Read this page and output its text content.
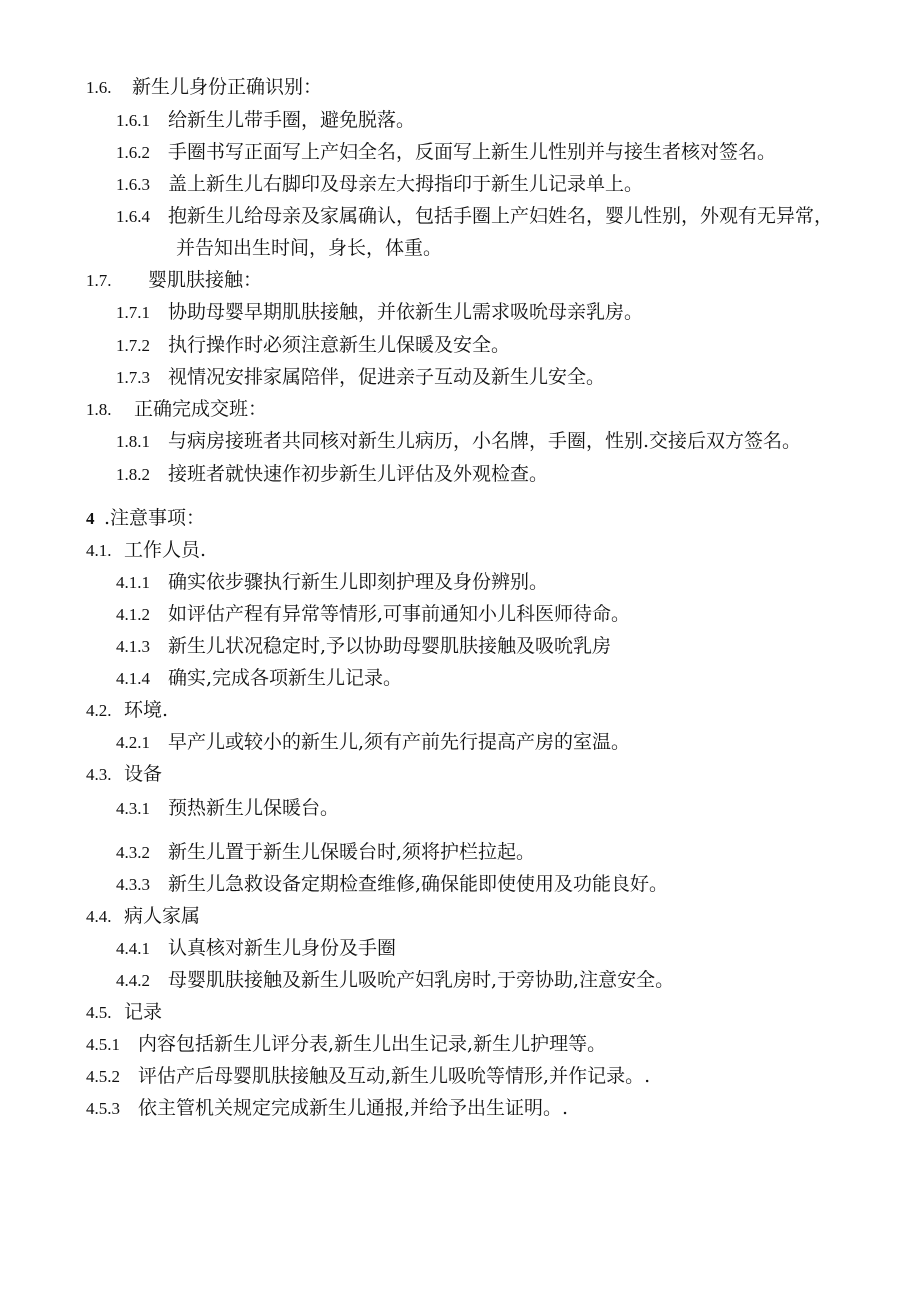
1.6. 新生儿身份正确识别：
1.6.1 给新生儿带手圈，避免脱落。
1.6.2 手圈书写正面写上产妇全名，反面写上新生儿性别并与接生者核对签名。
1.6.3 盖上新生儿右脚印及母亲左大拇指印于新生儿记录单上。
1.6.4 抱新生儿给母亲及家属确认，包括手圈上产妇姓名，婴儿性别，外观有无异常，
并告知出生时间，身长，体重。
1.7. 婴肌肤接触：
1.7.1 协助母婴早期肌肤接触，并依新生儿需求吸吮母亲乳房。
1.7.2 执行操作时必须注意新生儿保暖及安全。
1.7.3 视情况安排家属陪伴，促进亲子互动及新生儿安全。
1.8. 正确完成交班：
1.8.1 与病房接班者共同核对新生儿病历，小名牌，手圈，性别.交接后双方签名。
1.8.2 接班者就快速作初步新生儿评估及外观检查。
4 .注意事项：
4.1. 工作人员.
4.1.1 确实依步骤执行新生儿即刻护理及身份辨别。
4.1.2 如评估产程有异常等情形,可事前通知小儿科医师待命。
4.1.3 新生儿状况稳定时,予以协助母婴肌肤接触及吸吮乳房
4.1.4 确实,完成各项新生儿记录。
4.2. 环境.
4.2.1 早产儿或较小的新生儿,须有产前先行提高产房的室温。
4.3. 设备
4.3.1 预热新生儿保暖台。
4.3.2 新生儿置于新生儿保暖台时,须将护栏拉起。
4.3.3 新生儿急救设备定期检查维修,确保能即使使用及功能良好。
4.4. 病人家属
4.4.1 认真核对新生儿身份及手圈
4.4.2 母婴肌肤接触及新生儿吸吮产妇乳房时,于旁协助,注意安全。
4.5. 记录
4.5.1 内容包括新生儿评分表,新生儿出生记录,新生儿护理等。
4.5.2 评估产后母婴肌肤接触及互动,新生儿吸吮等情形,并作记录。.
4.5.3 依主管机关规定完成新生儿通报,并给予出生证明。.
